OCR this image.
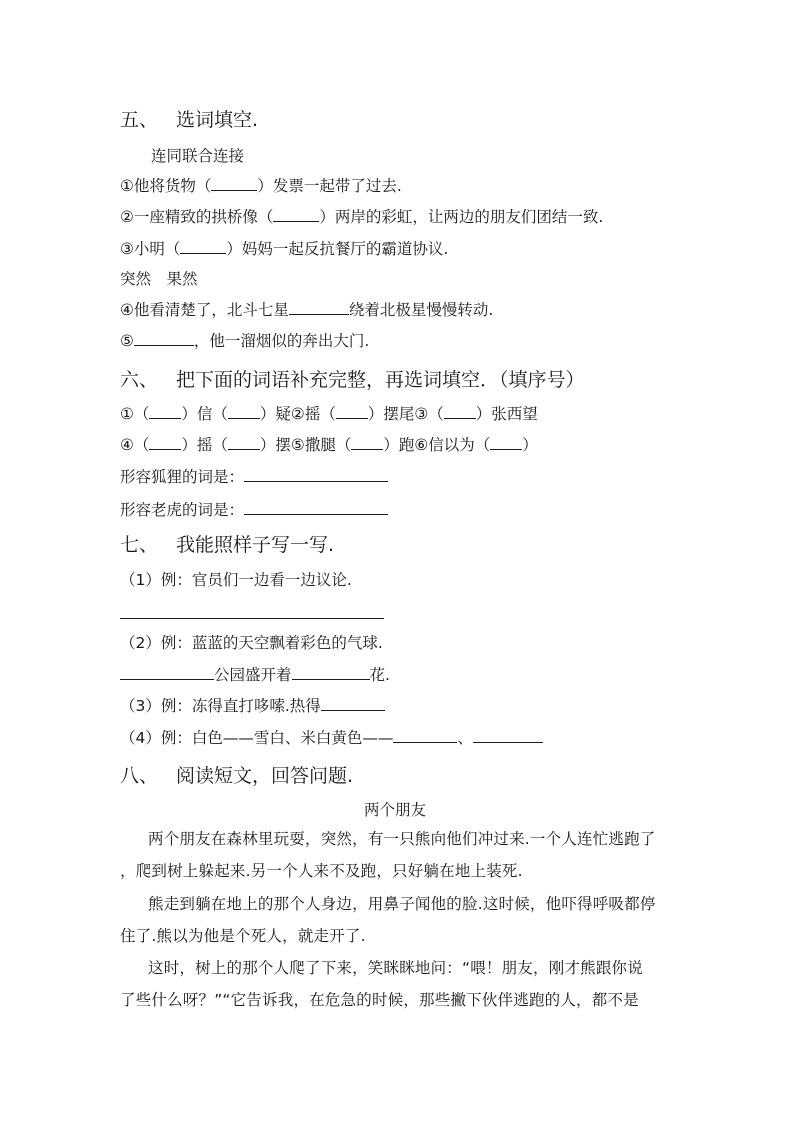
五、 选词填空.
连同联合连接
①他将货物（	）发票一起带了过去.
②一座精致的拱桥像（	）两岸的彩虹，让两边的朋友们团结一致.
③小明（	）妈妈一起反抗餐厅的霸道协议.
突然　果然
④他看清楚了，北斗七星	绕着北极星慢慢转动.
⑤	，他一溜烟似的奔出大门.
六、 把下面的词语补充完整，再选词填空．（填序号）
①（ ）信（ ）疑②摇（ ）摆尾③（ ）张西望
④（ ）摇（ ）摆⑤撒腿（ ）跑⑥信以为（ ）
形容狐狸的词是：
形容老虎的词是：
七、 我能照样子写一写.
（1）例：官员们一边看一边议论.
（2）例：蓝蓝的天空飘着彩色的气球.
公园盛开着	花.
（3）例：冻得直打哆嗦.热得
（4）例：白色——雪白、米白黄色——	、
八、 阅读短文，回答问题.
两个朋友
两个朋友在森林里玩耍，突然，有一只熊向他们冲过来.一个人连忙逃跑了
，爬到树上躲起来.另一个人来不及跑，只好躺在地上装死.
熊走到躺在地上的那个人身边，用鼻子闻他的脸.这时候，他吓得呼吸都停
住了.熊以为他是个死人，就走开了.
这时，树上的那个人爬了下来，笑眯眯地问：“喂！朋友，刚才熊跟你说
了些什么呀？”“它告诉我，在危急的时候，那些撇下伙伴逃跑的人，都不是
